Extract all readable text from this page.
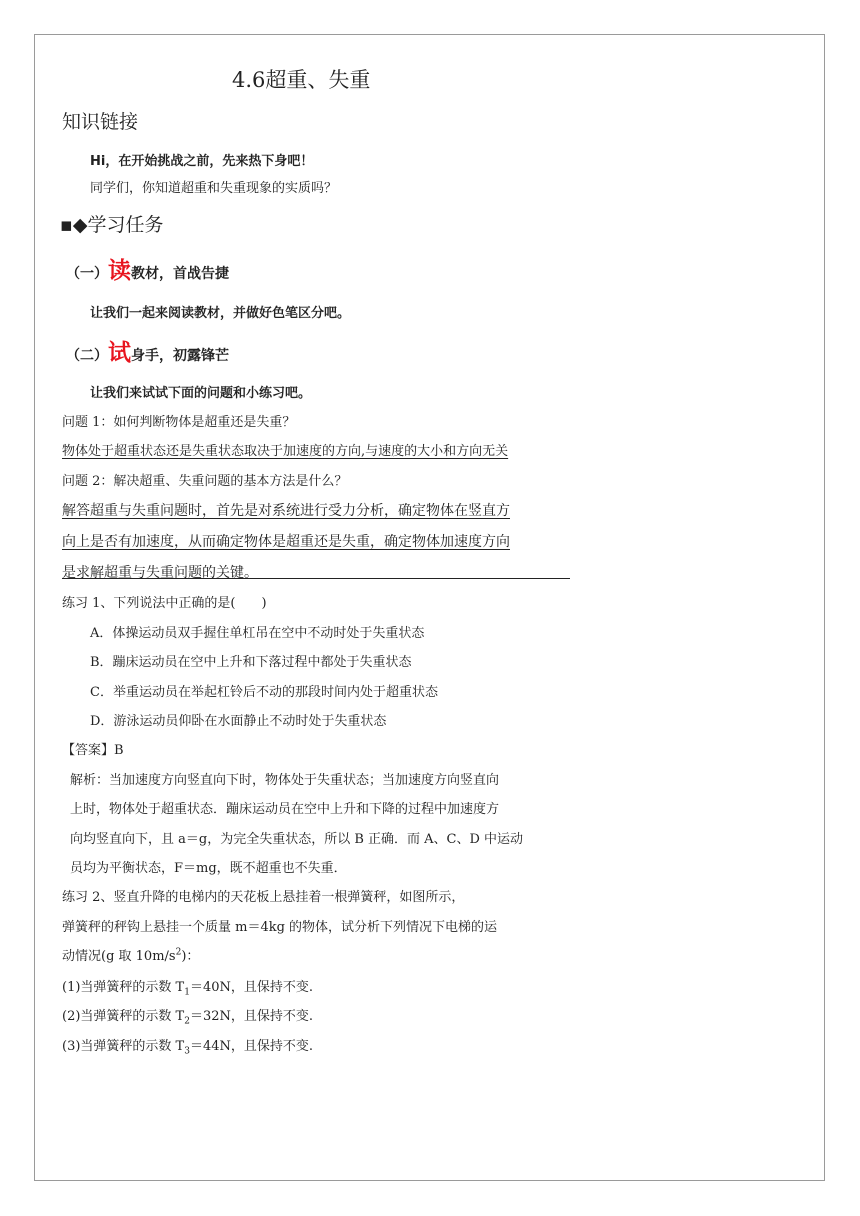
4.6超重、失重
知识链接
Hi，在开始挑战之前，先来热下身吧！
同学们，你知道超重和失重现象的实质吗？
▪◆学习任务
（一）读教材，首战告捷
让我们一起来阅读教材，并做好色笔区分吧。
（二）试身手，初露锋芒
让我们来试试下面的问题和小练习吧。
问题 1：如何判断物体是超重还是失重？
物体处于超重状态还是失重状态取决于加速度的方向,与速度的大小和方向无关
问题 2：解决超重、失重问题的基本方法是什么？
解答超重与失重问题时，首先是对系统进行受力分析，确定物体在竖直方
向上是否有加速度，从而确定物体是超重还是失重，确定物体加速度方向
是求解超重与失重问题的关键。
练习 1、下列说法中正确的是(　　)
A．体操运动员双手握住单杠吊在空中不动时处于失重状态
B．蹦床运动员在空中上升和下落过程中都处于失重状态
C．举重运动员在举起杠铃后不动的那段时间内处于超重状态
D．游泳运动员仰卧在水面静止不动时处于失重状态
【答案】B
解析：当加速度方向竖直向下时，物体处于失重状态；当加速度方向竖直向
上时，物体处于超重状态．蹦床运动员在空中上升和下降的过程中加速度方
向均竖直向下，且 a＝g，为完全失重状态，所以 B 正确．而 A、C、D 中运动
员均为平衡状态，F＝mg，既不超重也不失重．
练习 2、竖直升降的电梯内的天花板上悬挂着一根弹簧秤，如图所示，
弹簧秤的秤钩上悬挂一个质量 m＝4kg 的物体，试分析下列情况下电梯的运
动情况(g 取 $10m/s^2$)：
(1)当弹簧秤的示数 $T_1=40N$，且保持不变.
(2)当弹簧秤的示数 $T_2=32N$，且保持不变.
(3)当弹簧秤的示数 $T_3=44N$，且保持不变.
